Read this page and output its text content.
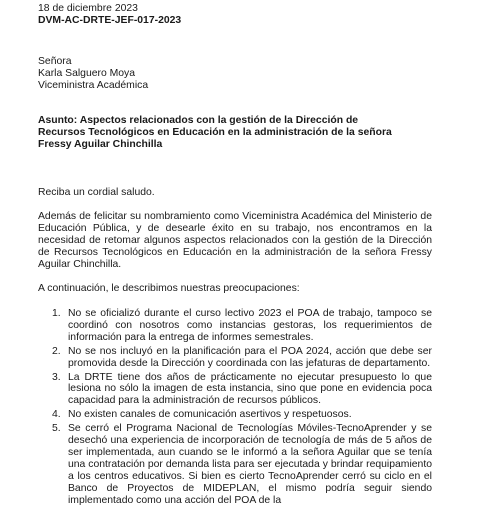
18 de diciembre 2023
DVM-AC-DRTE-JEF-017-2023
Señora
Karla Salguero Moya
Viceministra Académica
Asunto: Aspectos relacionados con la gestión de la Dirección de
Recursos Tecnológicos en Educación en la administración de la señora
Fressy Aguilar Chinchilla
Reciba un cordial saludo.
Además de felicitar su nombramiento como Viceministra Académica del Ministerio de Educación Pública, y de desearle éxito en su trabajo, nos encontramos en la necesidad de retomar algunos aspectos relacionados con la gestión de la Dirección de Recursos Tecnológicos en Educación en la administración de la señora Fressy Aguilar Chinchilla.
A continuación, le describimos nuestras preocupaciones:
1. No se oficializó durante el curso lectivo 2023 el POA de trabajo, tampoco se coordinó con nosotros como instancias gestoras, los requerimientos de información para la entrega de informes semestrales.
2. No se nos incluyó en la planificación para el POA 2024, acción que debe ser promovida desde la Dirección y coordinada con las jefaturas de departamento.
3. La DRTE tiene dos años de prácticamente no ejecutar presupuesto lo que lesiona no sólo la imagen de esta instancia, sino que pone en evidencia poca capacidad para la administración de recursos públicos.
4. No existen canales de comunicación asertivos y respetuosos.
5. Se cerró el Programa Nacional de Tecnologías Móviles-TecnoAprender y se desechó una experiencia de incorporación de tecnología de más de 5 años de ser implementada, aun cuando se le informó a la señora Aguilar que se tenía una contratación por demanda lista para ser ejecutada y brindar requipamiento a los centros educativos. Si bien es cierto TecnoAprender cerró su ciclo en el Banco de Proyectos de MIDEPLAN, el mismo podría seguir siendo implementado como una acción del POA de la
